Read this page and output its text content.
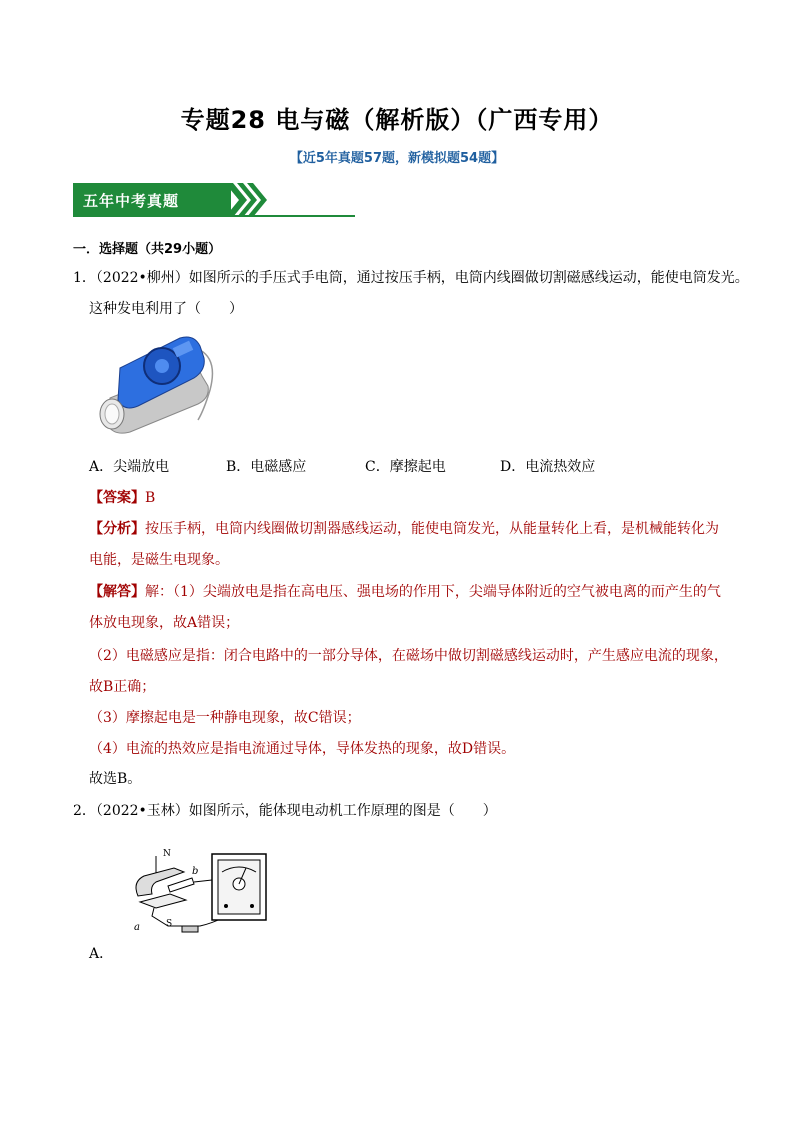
专题28 电与磁（解析版）（广西专用）
【近5年真题57题，新模拟题54题】
五年中考真题
一．选择题（共29小题）
1．（2022•柳州）如图所示的手压式手电筒，通过按压手柄，电筒内线圈做切割磁感线运动，能使电筒发光。
这种发电利用了（　　）
A．尖端放电	B．电磁感应	C．摩擦起电	D．电流热效应
【答案】B
【分析】按压手柄，电筒内线圈做切割器感线运动，能使电筒发光，从能量转化上看，是机械能转化为
电能，是磁生电现象。
【解答】解：（1）尖端放电是指在高电压、强电场的作用下，尖端导体附近的空气被电离的而产生的气
体放电现象，故A错误；
（2）电磁感应是指：闭合电路中的一部分导体，在磁场中做切割磁感线运动时，产生感应电流的现象，
故B正确；
（3）摩擦起电是一种静电现象，故C错误；
（4）电流的热效应是指电流通过导体，导体发热的现象，故D错误。
故选B。
2．（2022•玉林）如图所示，能体现电动机工作原理的图是（　　）
N
S
a
b
A．
